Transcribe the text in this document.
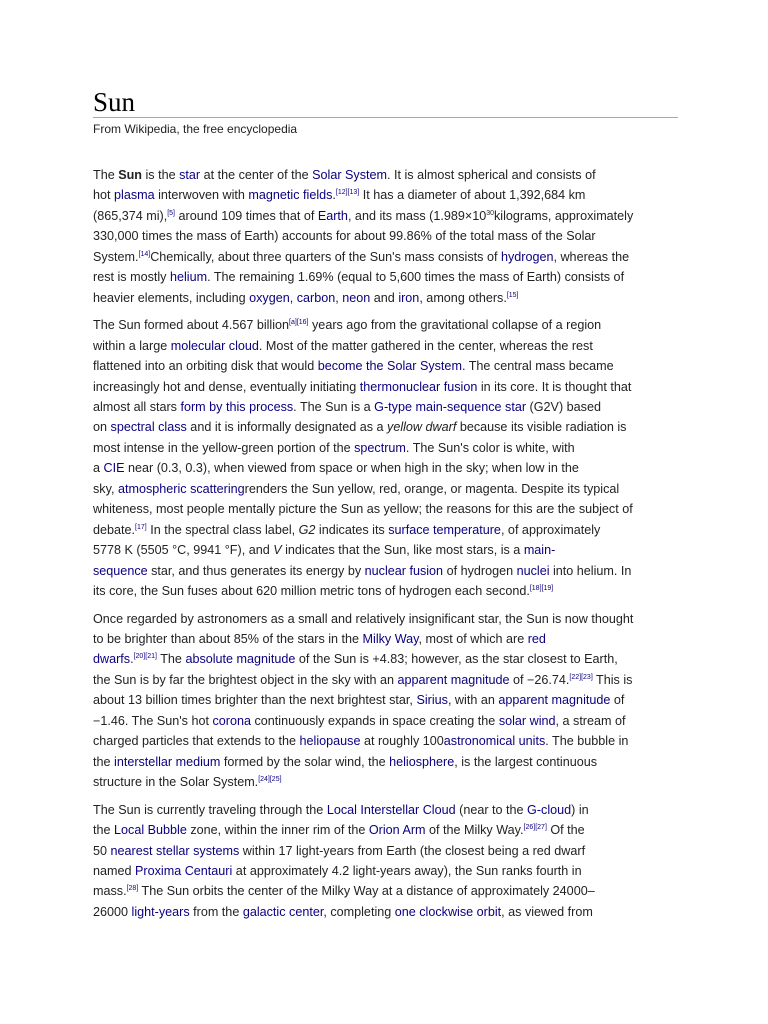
Sun
From Wikipedia, the free encyclopedia

The Sun is the star at the center of the Solar System. It is almost spherical and consists of
hot plasma interwoven with magnetic fields.[12][13] It has a diameter of about 1,392,684 km
(865,374 mi),[5] around 109 times that of Earth, and its mass (1.989×10$^{30}$kilograms, approximately
330,000 times the mass of Earth) accounts for about 99.86% of the total mass of the Solar
System.[14]Chemically, about three quarters of the Sun's mass consists of hydrogen, whereas the
rest is mostly helium. The remaining 1.69% (equal to 5,600 times the mass of Earth) consists of
heavier elements, including oxygen, carbon, neon and iron, among others.[15]

The Sun formed about 4.567 billion[a][16] years ago from the gravitational collapse of a region
within a large molecular cloud. Most of the matter gathered in the center, whereas the rest
flattened into an orbiting disk that would become the Solar System. The central mass became
increasingly hot and dense, eventually initiating thermonuclear fusion in its core. It is thought that
almost all stars form by this process. The Sun is a G-type main-sequence star (G2V) based
on spectral class and it is informally designated as a yellow dwarf because its visible radiation is
most intense in the yellow-green portion of the spectrum. The Sun's color is white, with
a CIE near (0.3, 0.3), when viewed from space or when high in the sky; when low in the
sky, atmospheric scatteringrenders the Sun yellow, red, orange, or magenta. Despite its typical
whiteness, most people mentally picture the Sun as yellow; the reasons for this are the subject of
debate.[17] In the spectral class label, G2 indicates its surface temperature, of approximately
5778 K (5505 °C, 9941 °F), and V indicates that the Sun, like most stars, is a main-
sequence star, and thus generates its energy by nuclear fusion of hydrogen nuclei into helium. In
its core, the Sun fuses about 620 million metric tons of hydrogen each second.[18][19]

Once regarded by astronomers as a small and relatively insignificant star, the Sun is now thought
to be brighter than about 85% of the stars in the Milky Way, most of which are red
dwarfs.[20][21] The absolute magnitude of the Sun is +4.83; however, as the star closest to Earth,
the Sun is by far the brightest object in the sky with an apparent magnitude of −26.74.[22][23] This is
about 13 billion times brighter than the next brightest star, Sirius, with an apparent magnitude of
−1.46. The Sun's hot corona continuously expands in space creating the solar wind, a stream of
charged particles that extends to the heliopause at roughly 100astronomical units. The bubble in
the interstellar medium formed by the solar wind, the heliosphere, is the largest continuous
structure in the Solar System.[24][25]

The Sun is currently traveling through the Local Interstellar Cloud (near to the G-cloud) in
the Local Bubble zone, within the inner rim of the Orion Arm of the Milky Way.[26][27] Of the
50 nearest stellar systems within 17 light-years from Earth (the closest being a red dwarf
named Proxima Centauri at approximately 4.2 light-years away), the Sun ranks fourth in
mass.[28] The Sun orbits the center of the Milky Way at a distance of approximately 24000–
26000 light-years from the galactic center, completing one clockwise orbit, as viewed from
